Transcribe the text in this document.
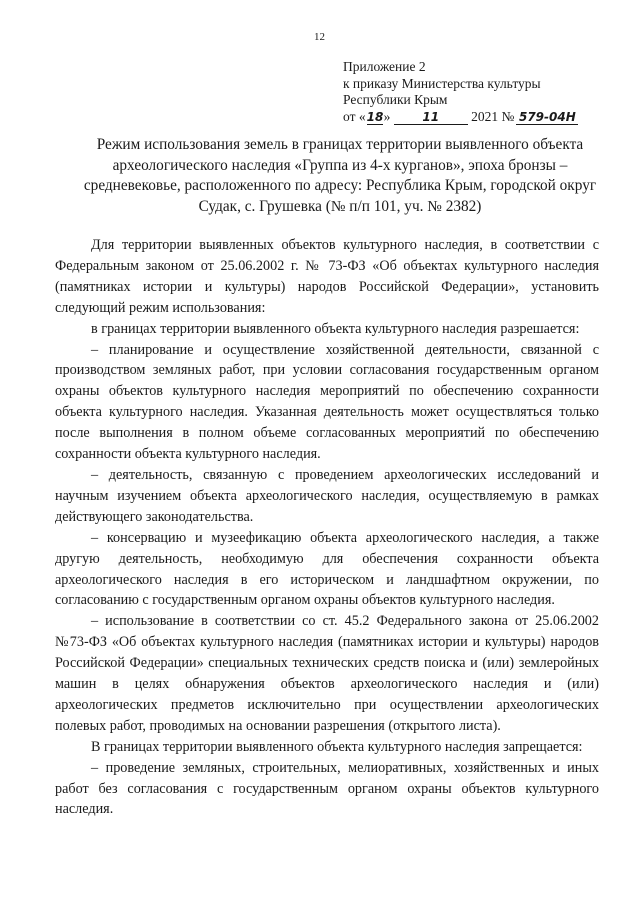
12
Приложение 2
к приказу Министерства культуры
Республики Крым
от «18»	11 2021 № 579-04Н
Режим использования земель в границах территории выявленного объекта
археологического наследия «Группа из 4-х курганов», эпоха бронзы –
средневековье, расположенного по адресу: Республика Крым, городской округ
Судак, с. Грушевка (№ п/п 101, уч. № 2382)

Для территории выявленных объектов культурного наследия, в соответствии с Федеральным законом от 25.06.2002 г. № 73-ФЗ «Об объектах культурного наследия (памятниках истории и культуры) народов Российской Федерации», установить следующий режим использования:

в границах территории выявленного объекта культурного наследия разрешается:

– планирование и осуществление хозяйственной деятельности, связанной с производством земляных работ, при условии согласования государственным органом охраны объектов культурного наследия мероприятий по обеспечению сохранности объекта культурного наследия. Указанная деятельность может осуществляться только после выполнения в полном объеме согласованных мероприятий по обеспечению сохранности объекта культурного наследия.

– деятельность, связанную с проведением археологических исследований и научным изучением объекта археологического наследия, осуществляемую в рамках действующего законодательства.

– консервацию и музеефикацию объекта археологического наследия, а также другую деятельность, необходимую для обеспечения сохранности объекта археологического наследия в его историческом и ландшафтном окружении, по согласованию с государственным органом охраны объектов культурного наследия.

– использование в соответствии со ст. 45.2 Федерального закона от 25.06.2002 №73-ФЗ «Об объектах культурного наследия (памятниках истории и культуры) народов Российской Федерации» специальных технических средств поиска и (или) землеройных машин в целях обнаружения объектов археологического наследия и (или) археологических предметов исключительно при осуществлении археологических полевых работ, проводимых на основании разрешения (открытого листа).

В границах территории выявленного объекта культурного наследия запрещается:

– проведение земляных, строительных, мелиоративных, хозяйственных и иных работ без согласования с государственным органом охраны объектов культурного наследия.
